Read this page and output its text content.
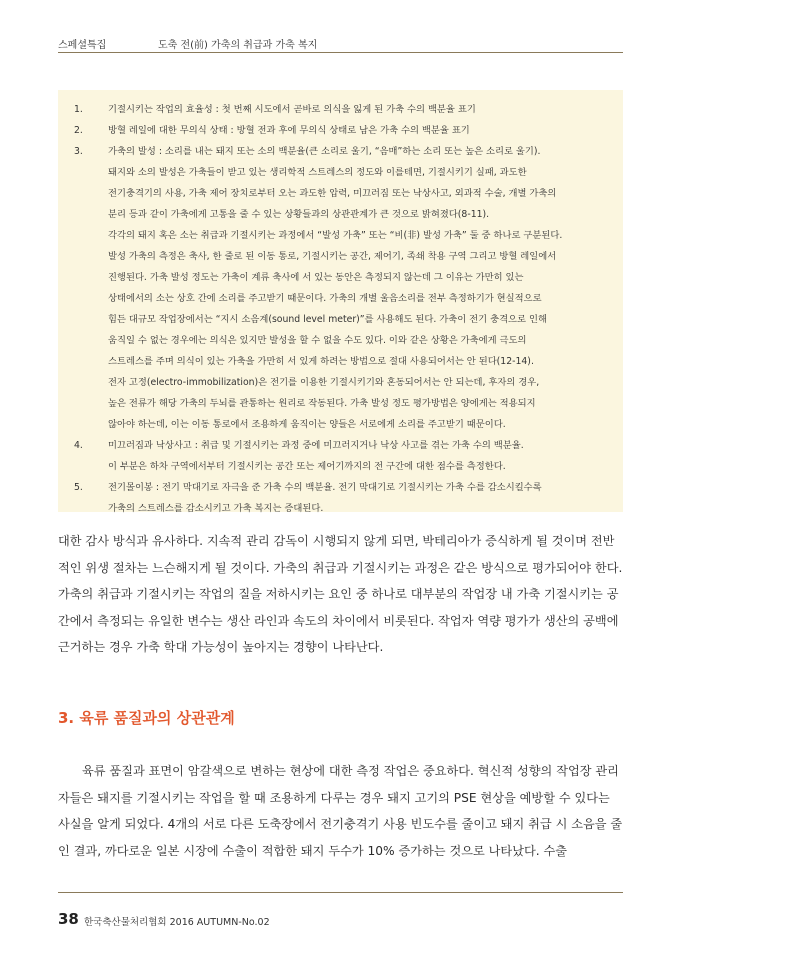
스페셜특집	도축 전(前) 가축의 취급과 가축 복지
1.	기절시키는 작업의 효율성 : 첫 번째 시도에서 곧바로 의식을 잃게 된 가축 수의 백분율 표기
2.	방혈 레일에 대한 무의식 상태 : 방혈 전과 후에 무의식 상태로 남은 가축 수의 백분율 표기
3.	가축의 발성 : 소리를 내는 돼지 또는 소의 백분율(큰 소리로 울기, “음매”하는 소리 또는 높은 소리로 울기).
돼지와 소의 발성은 가축들이 받고 있는 생리학적 스트레스의 정도와 이를테면, 기절시키기 실패, 과도한
전기충격기의 사용, 가축 제어 장치로부터 오는 과도한 압력, 미끄러짐 또는 낙상사고, 외과적 수술, 개별 가축의
분리 등과 같이 가축에게 고통을 줄 수 있는 상황들과의 상관관계가 큰 것으로 밝혀졌다(8-11).
각각의 돼지 혹은 소는 취급과 기절시키는 과정에서 “발성 가축” 또는 “비(非) 발성 가축” 둘 중 하나로 구분된다.
발성 가축의 측정은 축사, 한 줄로 된 이동 통로, 기절시키는 공간, 제어기, 족쇄 착용 구역 그리고 방혈 레일에서
진행된다. 가축 발성 정도는 가축이 계류 축사에 서 있는 동안은 측정되지 않는데 그 이유는 가만히 있는
상태에서의 소는 상호 간에 소리를 주고받기 때문이다. 가축의 개별 울음소리를 전부 측정하기가 현실적으로
힘든 대규모 작업장에서는 “지시 소음계(sound level meter)”를 사용해도 된다. 가축이 전기 충격으로 인해
움직일 수 없는 경우에는 의식은 있지만 발성을 할 수 없을 수도 있다. 이와 같은 상황은 가축에게 극도의
스트레스를 주며 의식이 있는 가축을 가만히 서 있게 하려는 방법으로 절대 사용되어서는 안 된다(12-14).
전자 고정(electro-immobilization)은 전기를 이용한 기절시키기와 혼동되어서는 안 되는데, 후자의 경우,
높은 전류가 해당 가축의 두뇌를 관통하는 원리로 작동된다. 가축 발성 정도 평가방법은 양에게는 적용되지
않아야 하는데, 이는 이동 통로에서 조용하게 움직이는 양들은 서로에게 소리를 주고받기 때문이다.
4.	미끄러짐과 낙상사고 : 취급 및 기절시키는 과정 중에 미끄러지거나 낙상 사고를 겪는 가축 수의 백분율.
이 부분은 하차 구역에서부터 기절시키는 공간 또는 제어기까지의 전 구간에 대한 점수를 측정한다.
5.	전기몰이봉 : 전기 막대기로 자극을 준 가축 수의 백분율. 전기 막대기로 기절시키는 가축 수를 감소시킬수록
가축의 스트레스를 감소시키고 가축 복지는 증대된다.

대한 감사 방식과 유사하다. 지속적 관리 감독이 시행되지 않게 되면, 박테리아가 증식하게 될 것이며 전반적인 위생 절차는 느슨해지게 될 것이다. 가축의 취급과 기절시키는 과정은 같은 방식으로 평가되어야 한다. 가축의 취급과 기절시키는 작업의 질을 저하시키는 요인 중 하나로 대부분의 작업장 내 가축 기절시키는 공간에서 측정되는 유일한 변수는 생산 라인과 속도의 차이에서 비롯된다. 작업자 역량 평가가 생산의 공백에 근거하는 경우 가축 학대 가능성이 높아지는 경향이 나타난다.

3. 육류 품질과의 상관관계

육류 품질과 표면이 암갈색으로 변하는 현상에 대한 측정 작업은 중요하다. 혁신적 성향의 작업장 관리자들은 돼지를 기절시키는 작업을 할 때 조용하게 다루는 경우 돼지 고기의 PSE 현상을 예방할 수 있다는 사실을 알게 되었다. 4개의 서로 다른 도축장에서 전기충격기 사용 빈도수를 줄이고 돼지 취급 시 소음을 줄인 결과, 까다로운 일본 시장에 수출이 적합한 돼지 두수가 10% 증가하는 것으로 나타났다. 수출

38 한국축산물처리협회 2016 AUTUMN-No.02
